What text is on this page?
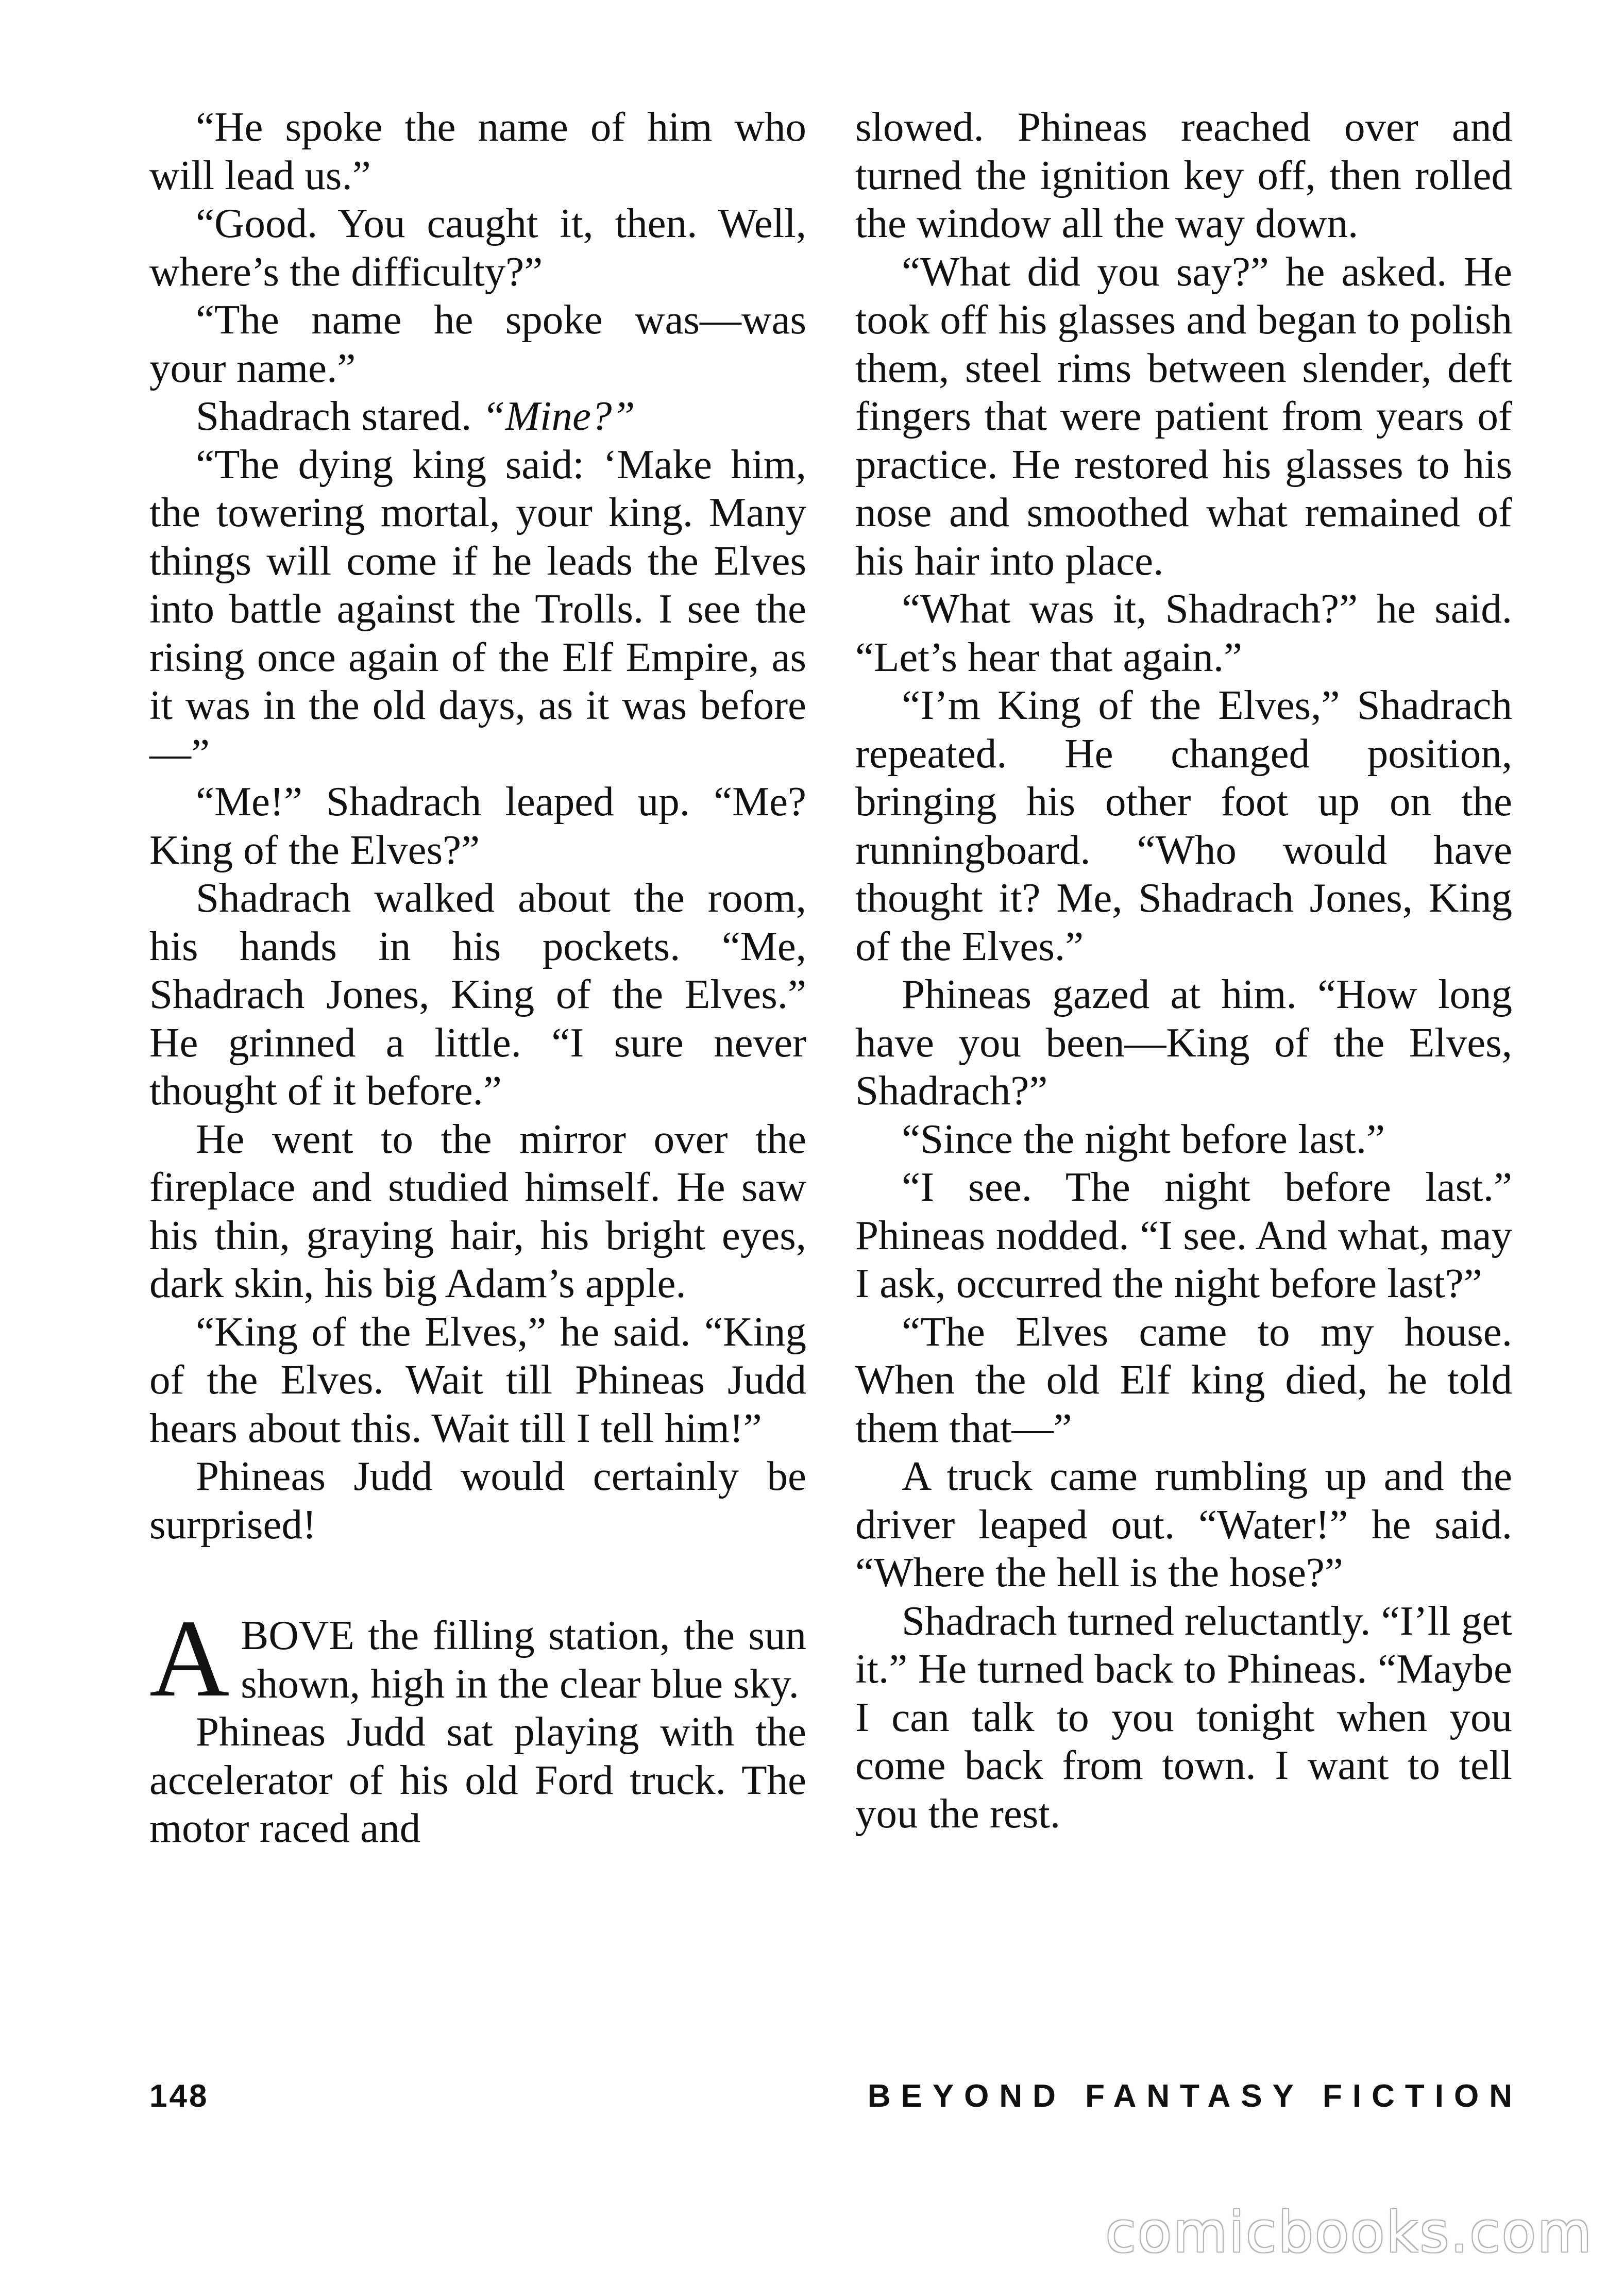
“He spoke the name of him who will lead us.”

“Good. You caught it, then. Well, where’s the difficulty?”

“The name he spoke was—was your name.”

Shadrach stared. “Mine?”

“The dying king said: ‘Make him, the towering mortal, your king. Many things will come if he leads the Elves into battle against the Trolls. I see the rising once again of the Elf Empire, as it was in the old days, as it was before—”

“Me!” Shadrach leaped up. “Me? King of the Elves?”

Shadrach walked about the room, his hands in his pockets. “Me, Shadrach Jones, King of the Elves.” He grinned a little. “I sure never thought of it before.”

He went to the mirror over the fireplace and studied himself. He saw his thin, graying hair, his bright eyes, dark skin, his big Adam’s apple.

“King of the Elves,” he said. “King of the Elves. Wait till Phineas Judd hears about this. Wait till I tell him!”

Phineas Judd would certainly be surprised!

ABOVE the filling station, the sun shown, high in the clear blue sky.

Phineas Judd sat playing with the accelerator of his old Ford truck. The motor raced and

slowed. Phineas reached over and turned the ignition key off, then rolled the window all the way down.

“What did you say?” he asked. He took off his glasses and began to polish them, steel rims between slender, deft fingers that were patient from years of practice. He restored his glasses to his nose and smoothed what remained of his hair into place.

“What was it, Shadrach?” he said. “Let’s hear that again.”

“I’m King of the Elves,” Shadrach repeated. He changed position, bringing his other foot up on the runningboard. “Who would have thought it? Me, Shadrach Jones, King of the Elves.”

Phineas gazed at him. “How long have you been—King of the Elves, Shadrach?”

“Since the night before last.”

“I see. The night before last.” Phineas nodded. “I see. And what, may I ask, occurred the night before last?”

“The Elves came to my house. When the old Elf king died, he told them that—”

A truck came rumbling up and the driver leaped out. “Water!” he said. “Where the hell is the hose?”

Shadrach turned reluctantly. “I’ll get it.” He turned back to Phineas. “Maybe I can talk to you tonight when you come back from town. I want to tell you the rest.

148	BEYOND FANTASY FICTION
comicbooks.com
